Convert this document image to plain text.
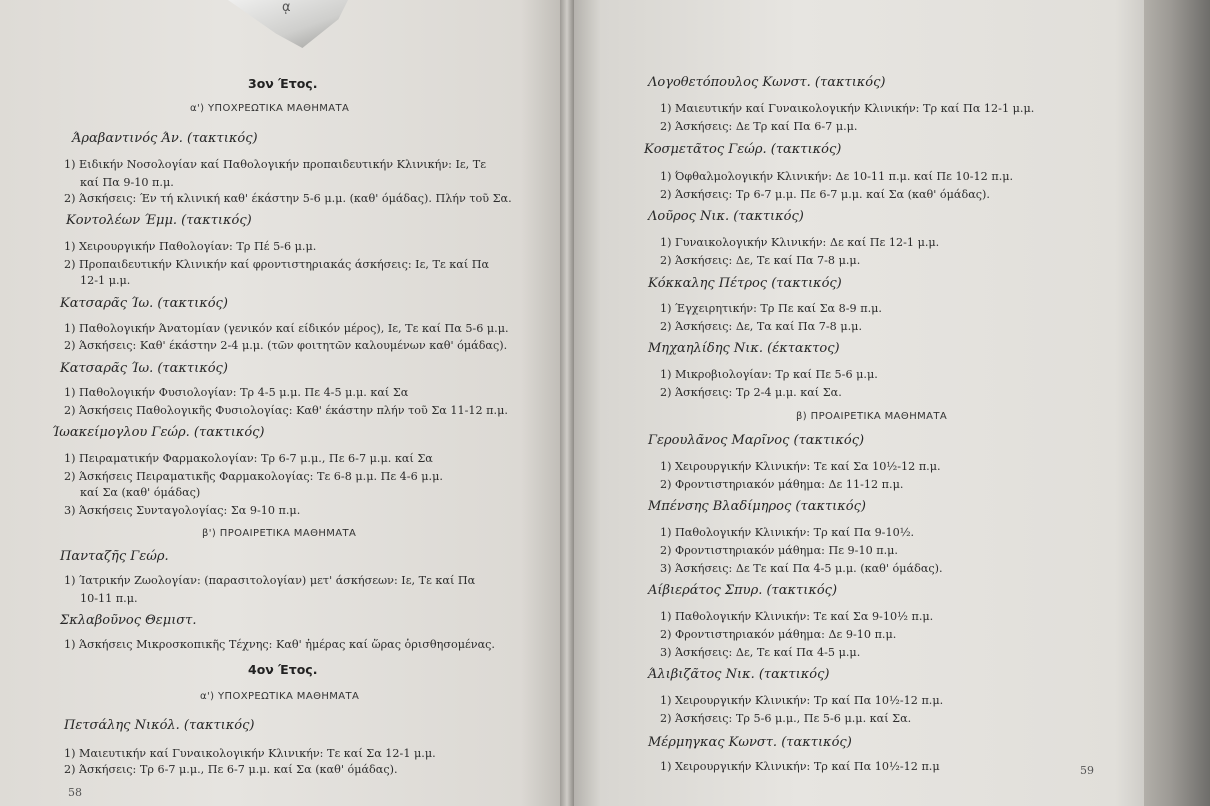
3ον Έτος.
α') ΥΠΟΧΡΕΩΤΙΚΑ ΜΑΘΗΜΑΤΑ
Άραβαντινός Άν. (τακτικός)
1) Ειδικήν Νοσολογίαν καί Παθολογικήν προπαιδευτικήν Κλινικήν: Ιε, Τε
καί Πα 9-10 π.μ.
2) Άσκήσεις: Έν τή κλινική καθ' έκάστην 5-6 μ.μ. (καθ' όμάδας). Πλήν τοῦ Σα.
Κοντολέων Έμμ. (τακτικός)
1) Χειρουργικήν Παθολογίαν: Τρ Πέ 5-6 μ.μ.
2) Προπαιδευτικήν Κλινικήν καί φροντιστηριακάς άσκήσεις: Ιε, Τε καί Πα
12-1 μ.μ.
Κατσαρᾶς Ίω. (τακτικός)
1) Παθολογικήν Άνατομίαν (γενικόν καί είδικόν μέρος), Ιε, Τε καί Πα 5-6 μ.μ.
2) Άσκήσεις: Καθ' έκάστην 2-4 μ.μ. (τῶν φοιτητῶν καλουμένων καθ' όμάδας).
Κατσαρᾶς Ίω. (τακτικός)
1) Παθολογικήν Φυσιολογίαν: Τρ 4-5 μ.μ. Πε 4-5 μ.μ. καί Σα
2) Άσκήσεις Παθολογικῆς Φυσιολογίας: Καθ' έκάστην πλήν τοῦ Σα 11-12 π.μ.
Ίωακείμογλου Γεώρ. (τακτικός)
1) Πειραματικήν Φαρμακολογίαν: Τρ 6-7 μ.μ., Πε 6-7 μ.μ. καί Σα
2) Άσκήσεις Πειραματικῆς Φαρμακολογίας: Τε 6-8 μ.μ. Πε 4-6 μ.μ.
καί Σα (καθ' όμάδας)
3) Άσκήσεις Συνταγολογίας: Σα 9-10 π.μ.
β') ΠΡΟΑΙΡΕΤΙΚΑ ΜΑΘΗΜΑΤΑ
Πανταζῆς Γεώρ.
1) Ίατρικήν Ζωολογίαν: (παρασιτολογίαν) μετ' άσκήσεων: Ιε, Τε καί Πα
10-11 π.μ.
Σκλαβοῦνος Θεμιστ.
1) Άσκήσεις Μικροσκοπικῆς Τέχνης: Καθ' ἡμέρας καί ὥρας ὁρισθησομένας.
4ον Έτος.
α') ΥΠΟΧΡΕΩΤΙΚΑ ΜΑΘΗΜΑΤΑ
Πετσάλης Νικόλ. (τακτικός)
1) Μαιευτικήν καί Γυναικολογικήν Κλινικήν: Τε καί Σα 12-1 μ.μ.
2) Άσκήσεις: Τρ 6-7 μ.μ., Πε 6-7 μ.μ. καί Σα (καθ' όμάδας).
58
Λογοθετόπουλος Κωνστ. (τακτικός)
1) Μαιευτικήν καί Γυναικολογικήν Κλινικήν: Τρ καί Πα 12-1 μ.μ.
2) Άσκήσεις: Δε Τρ καί Πα 6-7 μ.μ.
Κοσμετᾶτος Γεώρ. (τακτικός)
1) Όφθαλμολογικήν Κλινικήν: Δε 10-11 π.μ. καί Πε 10-12 π.μ.
2) Άσκήσεις: Τρ 6-7 μ.μ. Πε 6-7 μ.μ. καί Σα (καθ' όμάδας).
Λοῦρος Νικ. (τακτικός)
1) Γυναικολογικήν Κλινικήν: Δε καί Πε 12-1 μ.μ.
2) Άσκήσεις: Δε, Τε καί Πα 7-8 μ.μ.
Κόκκαλης Πέτρος (τακτικός)
1) Έγχειρητικήν: Τρ Πε καί Σα 8-9 π.μ.
2) Άσκήσεις: Δε, Τα καί Πα 7-8 μ.μ.
Μηχαηλίδης Νικ. (έκτακτος)
1) Μικροβιολογίαν: Τρ καί Πε 5-6 μ.μ.
2) Άσκήσεις: Τρ 2-4 μ.μ. καί Σα.
β) ΠΡΟΑΙΡΕΤΙΚΑ ΜΑΘΗΜΑΤΑ
Γερουλᾶνος Μαρῖνος (τακτικός)
1) Χειρουργικήν Κλινικήν: Τε καί Σα 10½-12 π.μ.
2) Φροντιστηριακόν μάθημα: Δε 11-12 π.μ.
Μπένσης Βλαδίμηρος (τακτικός)
1) Παθολογικήν Κλινικήν: Τρ καί Πα 9-10½.
2) Φροντιστηριακόν μάθημα: Πε 9-10 π.μ.
3) Άσκήσεις: Δε Τε καί Πα 4-5 μ.μ. (καθ' όμάδας).
Αίβιεράτος Σπυρ. (τακτικός)
1) Παθολογικήν Κλινικήν: Τε καί Σα 9-10½ π.μ.
2) Φροντιστηριακόν μάθημα: Δε 9-10 π.μ.
3) Άσκήσεις: Δε, Τε καί Πα 4-5 μ.μ.
Άλιβιζᾶτος Νικ. (τακτικός)
1) Χειρουργικήν Κλινικήν: Τρ καί Πα 10½-12 π.μ.
2) Άσκήσεις: Τρ 5-6 μ.μ., Πε 5-6 μ.μ. καί Σα.
Μέρμηγκας Κωνστ. (τακτικός)
1) Χειρουργικήν Κλινικήν: Τρ καί Πα 10½-12 π.μ	59
ᾳ
